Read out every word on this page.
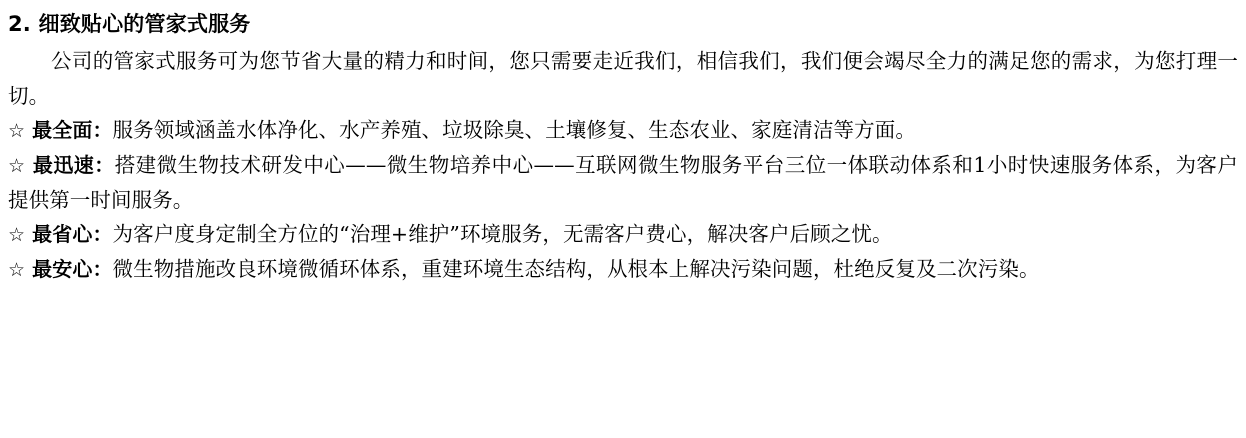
2. 细致贴心的管家式服务

公司的管家式服务可为您节省大量的精力和时间，您只需要走近我们，相信我们，我们便会竭尽全力的满足您的需求，为您打理一切。

☆ 最全面：服务领域涵盖水体净化、水产养殖、垃圾除臭、土壤修复、生态农业、家庭清洁等方面。

☆ 最迅速：搭建微生物技术研发中心——微生物培养中心——互联网微生物服务平台三位一体联动体系和1小时快速服务体系，为客户提供第一时间服务。

☆ 最省心：为客户度身定制全方位的“治理+维护”环境服务，无需客户费心，解决客户后顾之忧。

☆ 最安心：微生物措施改良环境微循环体系，重建环境生态结构，从根本上解决污染问题，杜绝反复及二次污染。
